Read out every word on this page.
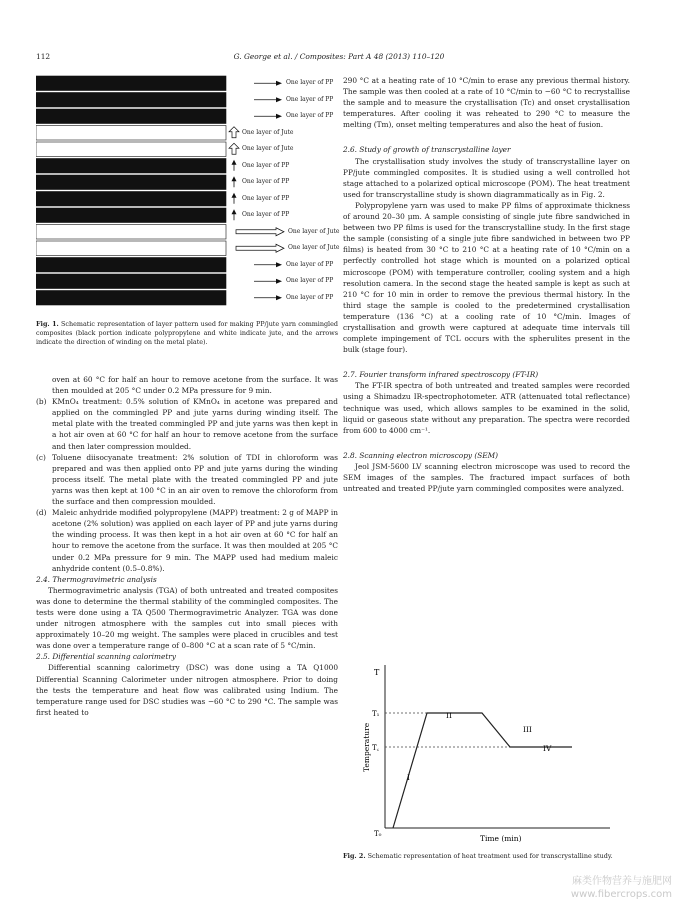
112	G. George et al. / Composites: Part A 48 (2013) 110–120
One layer of PP
One layer of PP
One layer of PP
One layer of Jute
One layer of Jute
One layer of PP
One layer of PP
One layer of PP
One layer of PP
One layer of Jute
One layer of Jute
One layer of PP
One layer of PP
One layer of PP
Fig. 1. Schematic representation of layer pattern used for making PP/jute yarn commingled composites (black portion indicate polypropylene and white indicate jute, and the arrows indicate the direction of winding on the metal plate).

oven at 60 °C for half an hour to remove acetone from the surface. It was then moulded at 205 °C under 0.2 MPa pressure for 9 min.

(b) KMnO₄ treatment: 0.5% solution of KMnO₄ in acetone was prepared and applied on the commingled PP and jute yarns during winding itself. The metal plate with the treated commingled PP and jute yarns was then kept in a hot air oven at 60 °C for half an hour to remove acetone from the surface and then later compression moulded.
(c) Toluene diisocyanate treatment: 2% solution of TDI in chloroform was prepared and was then applied onto PP and jute yarns during the winding process itself. The metal plate with the treated commingled PP and jute yarns was then kept at 100 °C in an air oven to remove the chloroform from the surface and then compression moulded.
(d) Maleic anhydride modified polypropylene (MAPP) treatment: 2 g of MAPP in acetone (2% solution) was applied on each layer of PP and jute yarns during the winding process. It was then kept in a hot air oven at 60 °C for half an hour to remove the acetone from the surface. It was then moulded at 205 °C under 0.2 MPa pressure for 9 min. The MAPP used had medium maleic anhydride content (0.5–0.8%).

2.4. Thermogravimetric analysis

Thermogravimetric analysis (TGA) of both untreated and treated composites was done to determine the thermal stability of the commingled composites. The tests were done using a TA Q500 Thermogravimetric Analyzer. TGA was done under nitrogen atmosphere with the samples cut into small pieces with approximately 10–20 mg weight. The samples were placed in crucibles and test was done over a temperature range of 0–800 °C at a scan rate of 5 °C/min.

2.5. Differential scanning calorimetry

Differential scanning calorimetry (DSC) was done using a TA Q1000 Differential Scanning Calorimeter under nitrogen atmosphere. Prior to doing the tests the temperature and heat flow was calibrated using Indium. The temperature range used for DSC studies was −60 °C to 290 °C. The sample was first heated to

290 °C at a heating rate of 10 °C/min to erase any previous thermal history. The sample was then cooled at a rate of 10 °C/min to −60 °C to recrystallise the sample and to measure the crystallisation (Tc) and onset crystallisation temperatures. After cooling it was reheated to 290 °C to measure the melting (Tm), onset melting temperatures and also the heat of fusion.

2.6. Study of growth of transcrystalline layer

The crystallisation study involves the study of transcrystalline layer on PP/jute commingled composites. It is studied using a well controlled hot stage attached to a polarized optical microscope (POM). The heat treatment used for transcrystalline study is shown diagrammatically as in Fig. 2.

Polypropylene yarn was used to make PP films of approximate thickness of around 20–30 μm. A sample consisting of single jute fibre sandwiched in between two PP films is used for the transcrystalline study. In the first stage the sample (consisting of a single jute fibre sandwiched in between two PP films) is heated from 30 °C to 210 °C at a heating rate of 10 °C/min on a perfectly controlled hot stage which is mounted on a polarized optical microscope (POM) with temperature controller, cooling system and a high resolution camera. In the second stage the heated sample is kept as such at 210 °C for 10 min in order to remove the previous thermal history. In the third stage the sample is cooled to the predetermined crystallisation temperature (136 °C) at a cooling rate of 10 °C/min. Images of crystallisation and growth were captured at adequate time intervals till complete impingement of TCL occurs with the spherulites present in the bulk (stage four).

2.7. Fourier transform infrared spectroscopy (FT-IR)

The FT-IR spectra of both untreated and treated samples were recorded using a Shimadzu IR-spectrophotometer. ATR (attenuated total reflectance) technique was used, which allows samples to be examined in the solid, liquid or gaseous state without any preparation. The spectra were recorded from 600 to 4000 cm⁻¹.

2.8. Scanning electron microscopy (SEM)

Jeol JSM-5600 LV scanning electron microscope was used to record the SEM images of the samples. The fractured impact surfaces of both untreated and treated PP/jute yarn commingled composites were analyzed.

T
T₁
T꜀
T₀
Temperature
Time (min)
I
II
III
IV
Fig. 2. Schematic representation of heat treatment used for transcrystalline study.
麻类作物营养与施肥网
www.fibercrops.com
